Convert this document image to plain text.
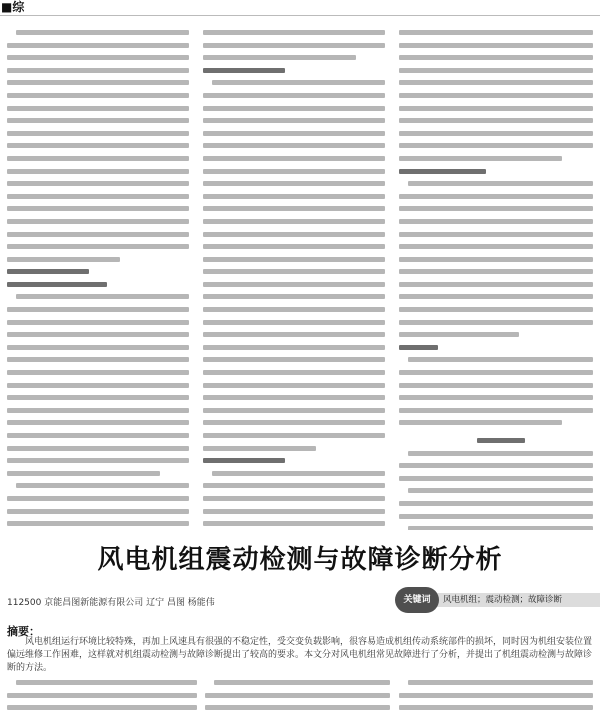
■综
风电机组震动检测与故障诊断分析
112500 京能昌图新能源有限公司 辽宁 昌图 杨能伟	风电机组；震动检测；故障诊断
关键词
摘要：
风电机组运行环境比较特殊，再加上风速具有很强的不稳定性，受交变负载影响，很容易造成机组传动系统部件的损坏，同时因为机组安装位置偏远维修工作困难，这样就对机组震动检测与故障诊断提出了较高的要求。本文分对风电机组常见故障进行了分析，并提出了机组震动检测与故障诊断的方法。
